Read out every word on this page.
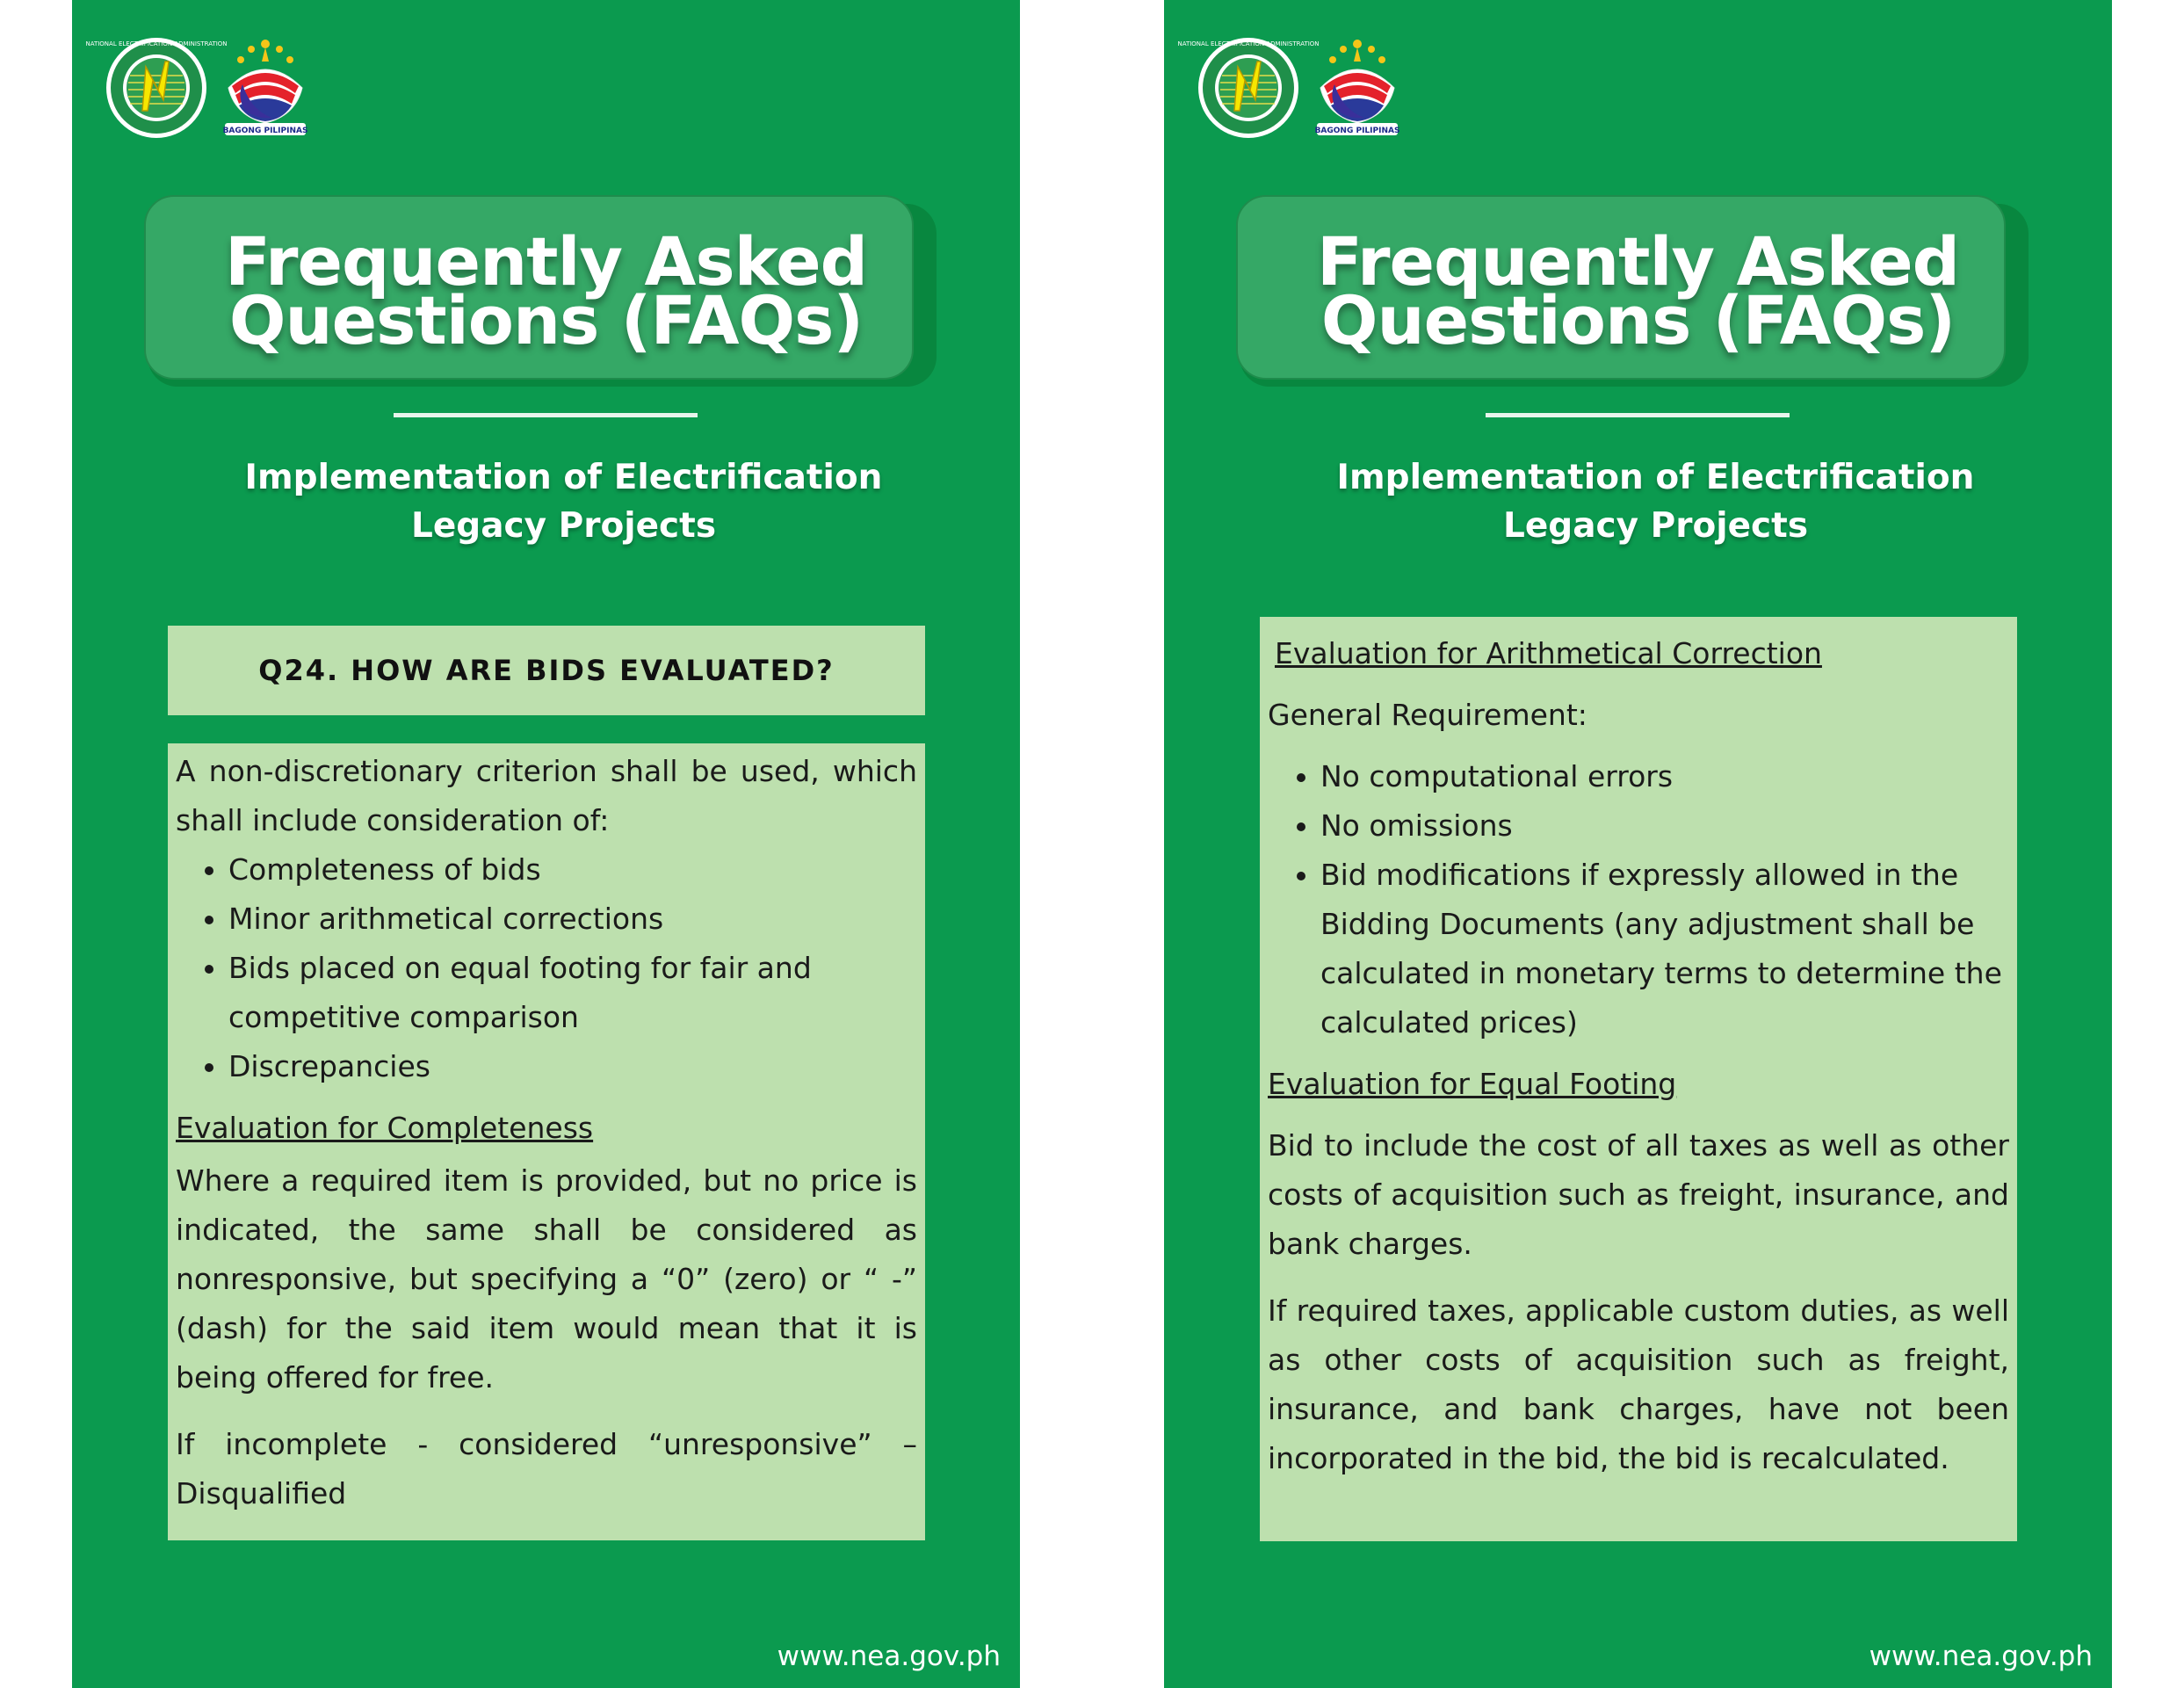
NATIONAL ELECTRIFICATION ADMINISTRATION
BAGONG PILIPINAS
Frequently Asked
Questions (FAQs)
Implementation of Electrification
Legacy Projects
Q24. HOW ARE BIDS EVALUATED?

A non-discretionary criterion shall be used, which shall include consideration of:

• Completeness of bids
• Minor arithmetical corrections
• Bids placed on equal footing for fair and competitive comparison
• Discrepancies

Evaluation for Completeness

Where a required item is provided, but no price is indicated, the same shall be considered as nonresponsive, but specifying a “0” (zero) or “ -” (dash) for the said item would mean that it is being offered for free.

If incomplete - considered “unresponsive” – Disqualified

www.nea.gov.ph
NATIONAL ELECTRIFICATION ADMINISTRATION
BAGONG PILIPINAS
Frequently Asked
Questions (FAQs)
Implementation of Electrification
Legacy Projects

Evaluation for Arithmetical Correction

General Requirement:

• No computational errors
• No omissions
• Bid modifications if expressly allowed in the Bidding Documents (any adjustment shall be calculated in monetary terms to determine the calculated prices)

Evaluation for Equal Footing

Bid to include the cost of all taxes as well as other costs of acquisition such as freight, insurance, and bank charges.

If required taxes, applicable custom duties, as well as other costs of acquisition such as freight, insurance, and bank charges, have not been incorporated in the bid, the bid is recalculated.

www.nea.gov.ph
